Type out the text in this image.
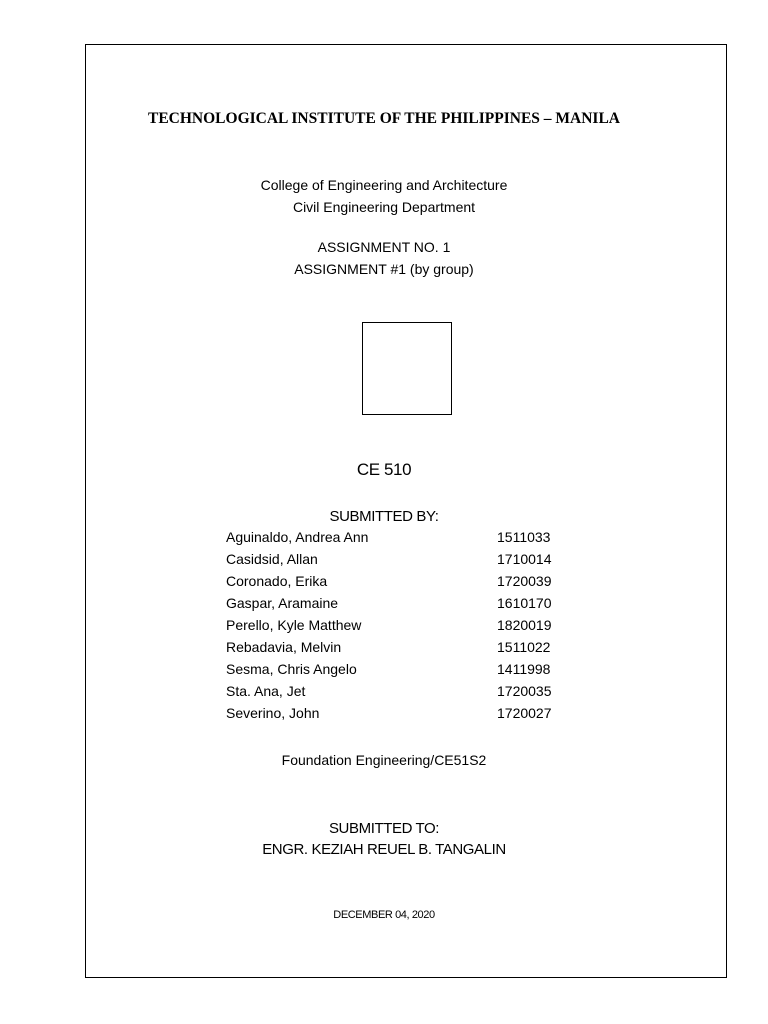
TECHNOLOGICAL INSTITUTE OF THE PHILIPPINES – MANILA
College of Engineering and Architecture
Civil Engineering Department
ASSIGNMENT NO. 1
ASSIGNMENT #1 (by group)
CE 510
SUBMITTED BY:
Aguinaldo, Andrea Ann	1511033
Casidsid, Allan	1710014
Coronado, Erika	1720039
Gaspar, Aramaine	1610170
Perello, Kyle Matthew	1820019
Rebadavia, Melvin	1511022
Sesma, Chris Angelo	1411998
Sta. Ana, Jet	1720035
Severino, John	1720027
Foundation Engineering/CE51S2
SUBMITTED TO:
ENGR. KEZIAH REUEL B. TANGALIN
DECEMBER 04, 2020
